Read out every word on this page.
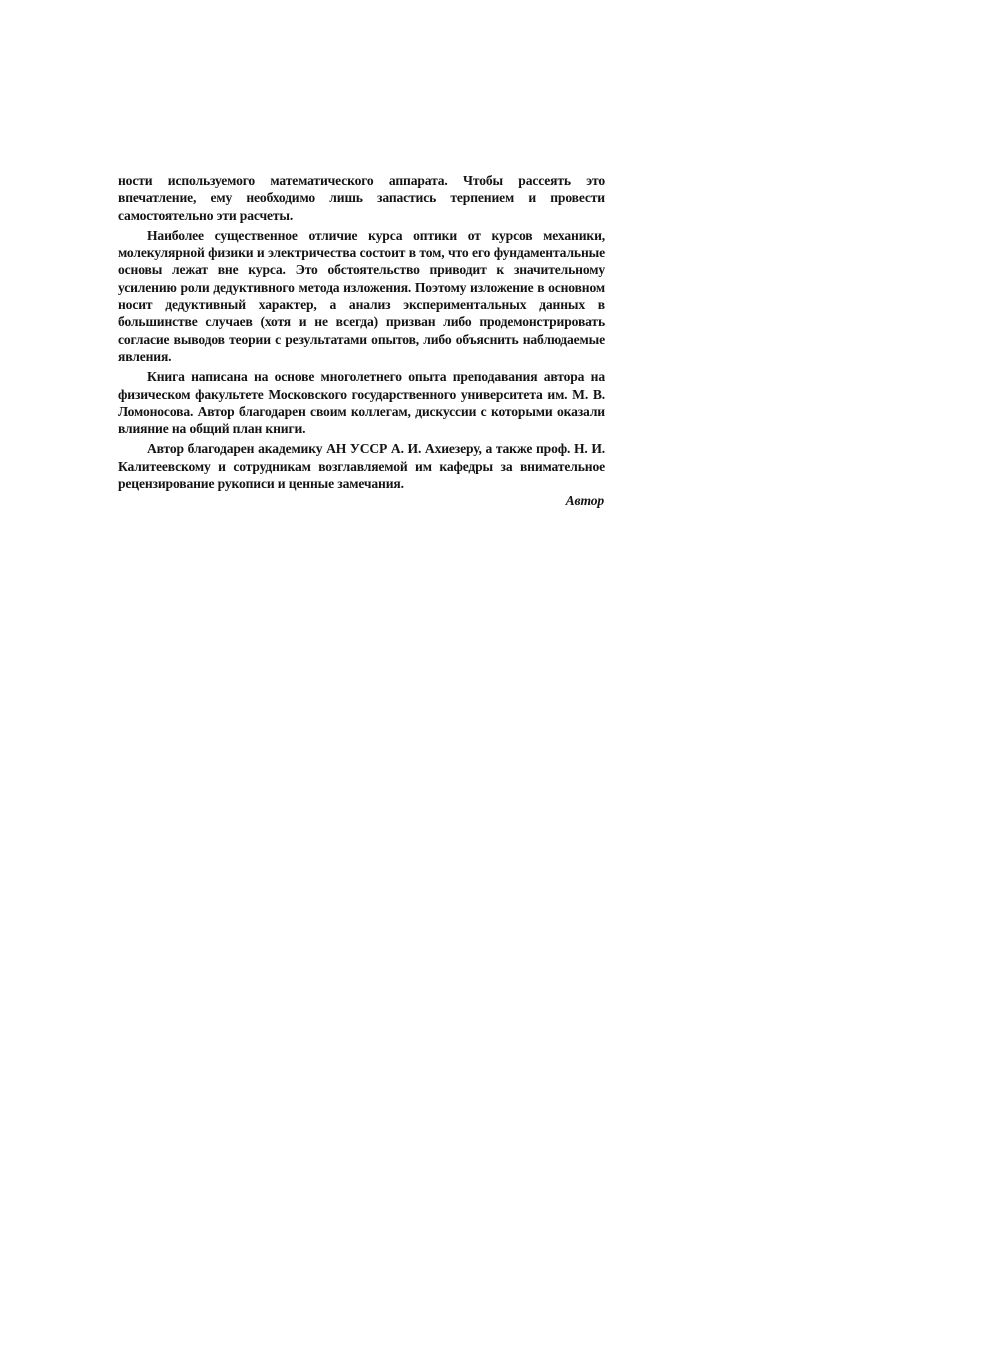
ности используемого математического аппарата. Чтобы рассеять это впечатление, ему необходимо лишь запастись терпением и провести самостоятельно эти расчеты.

Наиболее существенное отличие курса оптики от курсов механики, молекулярной физики и электричества состоит в том, что его фундаментальные основы лежат вне курса. Это обстоятельство приводит к значительному усилению роли дедуктивного метода изложения. Поэтому изложение в основном носит дедуктивный характер, а анализ экспериментальных данных в большинстве случаев (хотя и не всегда) призван либо продемонстрировать согласие выводов теории с результатами опытов, либо объяснить наблюдаемые явления.

Книга написана на основе многолетнего опыта преподавания автора на физическом факультете Московского государственного университета им. М. В. Ломоносова. Автор благодарен своим коллегам, дискуссии с которыми оказали влияние на общий план книги.

Автор благодарен академику АН УССР А. И. Ахиезеру, а также проф. Н. И. Калитеевскому и сотрудникам возглавляемой им кафедры за внимательное рецензирование рукописи и ценные замечания.

Автор
